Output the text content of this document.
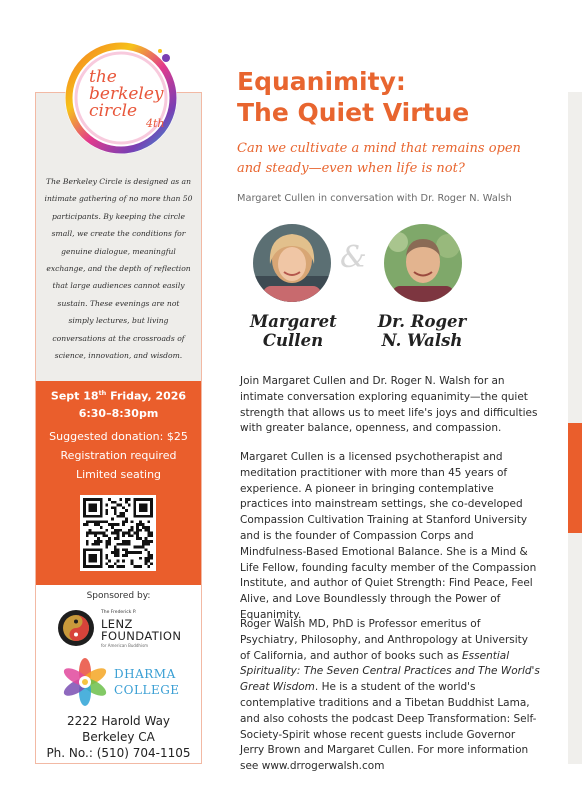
The Berkeley Circle is designed as an intimate gathering of no more than 50 participants. By keeping the circle small, we create the conditions for genuine dialogue, meaningful exchange, and the depth of reflection that large audiences cannot easily sustain. These evenings are not simply lectures, but living conversations at the crossroads of science, innovation, and wisdom.

Sept 18th Friday, 2026
6:30–8:30pm
Suggested donation: $25
Registration required
Limited seating
Sponsored by:
The Frederick P.
LENZ
FOUNDATION
for American Buddhism
DHARMA
COLLEGE
2222 Harold Way
Berkeley CA
Ph. No.: (510) 704-1105
the
berkeley
circle
4th
Equanimity:
The Quiet Virtue

Can we cultivate a mind that remains open and steady—even when life is not?

Margaret Cullen in conversation with Dr. Roger N. Walsh

&
Margaret
Cullen
Dr. Roger
N. Walsh

Join Margaret Cullen and Dr. Roger N. Walsh for an intimate conversation exploring equanimity—the quiet strength that allows us to meet life's joys and difficulties with greater balance, openness, and compassion.

Margaret Cullen is a licensed psychotherapist and meditation practitioner with more than 45 years of experience. A pioneer in bringing contemplative practices into mainstream settings, she co-developed Compassion Cultivation Training at Stanford University and is the founder of Compassion Corps and Mindfulness-Based Emotional Balance. She is a Mind & Life Fellow, founding faculty member of the Compassion Institute, and author of Quiet Strength: Find Peace, Feel Alive, and Love Boundlessly through the Power of Equanimity.

Roger Walsh MD, PhD is Professor emeritus of Psychiatry, Philosophy, and Anthropology at University of California, and author of books such as Essential Spirituality: The Seven Central Practices and The World's Great Wisdom. He is a student of the world's contemplative traditions and a Tibetan Buddhist Lama, and also cohosts the podcast Deep Transformation: Self-Society-Spirit whose recent guests include Governor Jerry Brown and Margaret Cullen. For more information see www.drrogerwalsh.com
